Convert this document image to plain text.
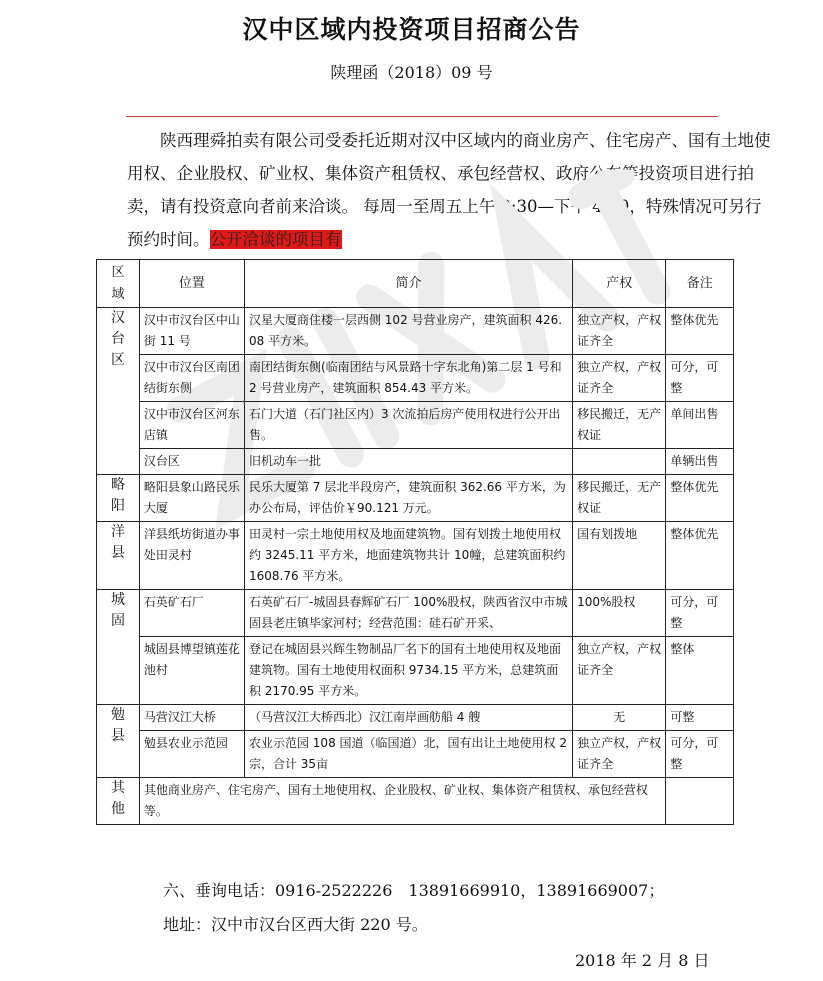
汉中区域内投资项目招商公告
陕理函（2018）09 号
陕西理舜拍卖有限公司受委托近期对汉中区域内的商业房产、住宅房产、国有土地使用权、企业股权、矿业权、集体资产租赁权、承包经营权、政府公车等投资项目进行拍卖，请有投资意向者前来洽谈。 每周一至周五上午 9:30—下午 4:30，特殊情况可另行预约时间。公开洽谈的项目有
区域	位置	简介	产权	备注
汉台区	汉中市汉台区中山街 11 号	汉星大厦商住楼一层西侧 102 号营业房产，建筑面积 426.08 平方米。	独立产权，产权证齐全	整体优先
	汉中市汉台区南团结街东侧	南团结街东侧(临南团结与风景路十字东北角)第二层 1 号和 2 号营业房产，建筑面积 854.43 平方米。	独立产权，产权证齐全	可分，可整
	汉中市汉台区河东店镇	石门大道（石门社区内）3 次流拍后房产使用权进行公开出售。	移民搬迁，无产权证	单间出售
	汉台区	旧机动车一批		单辆出售
略阳	略阳县象山路民乐大厦	民乐大厦第 7 层北半段房产，建筑面积 362.66 平方米，为办公布局，评估价￥90.121 万元。	移民搬迁，无产权证	整体优先
洋县	洋县纸坊街道办事处田灵村	田灵村一宗土地使用权及地面建筑物。国有划拨土地使用权约 3245.11 平方米，地面建筑物共计 10幢，总建筑面积约 1608.76 平方米。	国有划拨地	整体优先
城固	石英矿石厂	石英矿石厂-城固县春辉矿石厂 100%股权，陕西省汉中市城固县老庄镇毕家河村；经营范围：硅石矿开采、	100%股权	可分，可整
	城固县博望镇莲花池村	登记在城固县兴辉生物制品厂名下的国有土地使用权及地面建筑物。国有土地使用权面积 9734.15 平方米，总建筑面积 2170.95 平方米。	独立产权，产权证齐全	整体
勉县	马营汉江大桥	（马营汉江大桥西北）汉江南岸画舫船 4 艘	无	可整
	勉县农业示范园	农业示范园 108 国道（临国道）北，国有出让土地使用权 2宗，合计 35亩	独立产权，产权证齐全	可分，可整
其他	其他商业房产、住宅房产、国有土地使用权、企业股权、矿业权、集体资产租赁权、承包经营权等。			
六、垂询电话：0916-2522226　13891669910，13891669007；
地址：汉中市汉台区西大街 220 号。
2018 年 2 月 8 日
